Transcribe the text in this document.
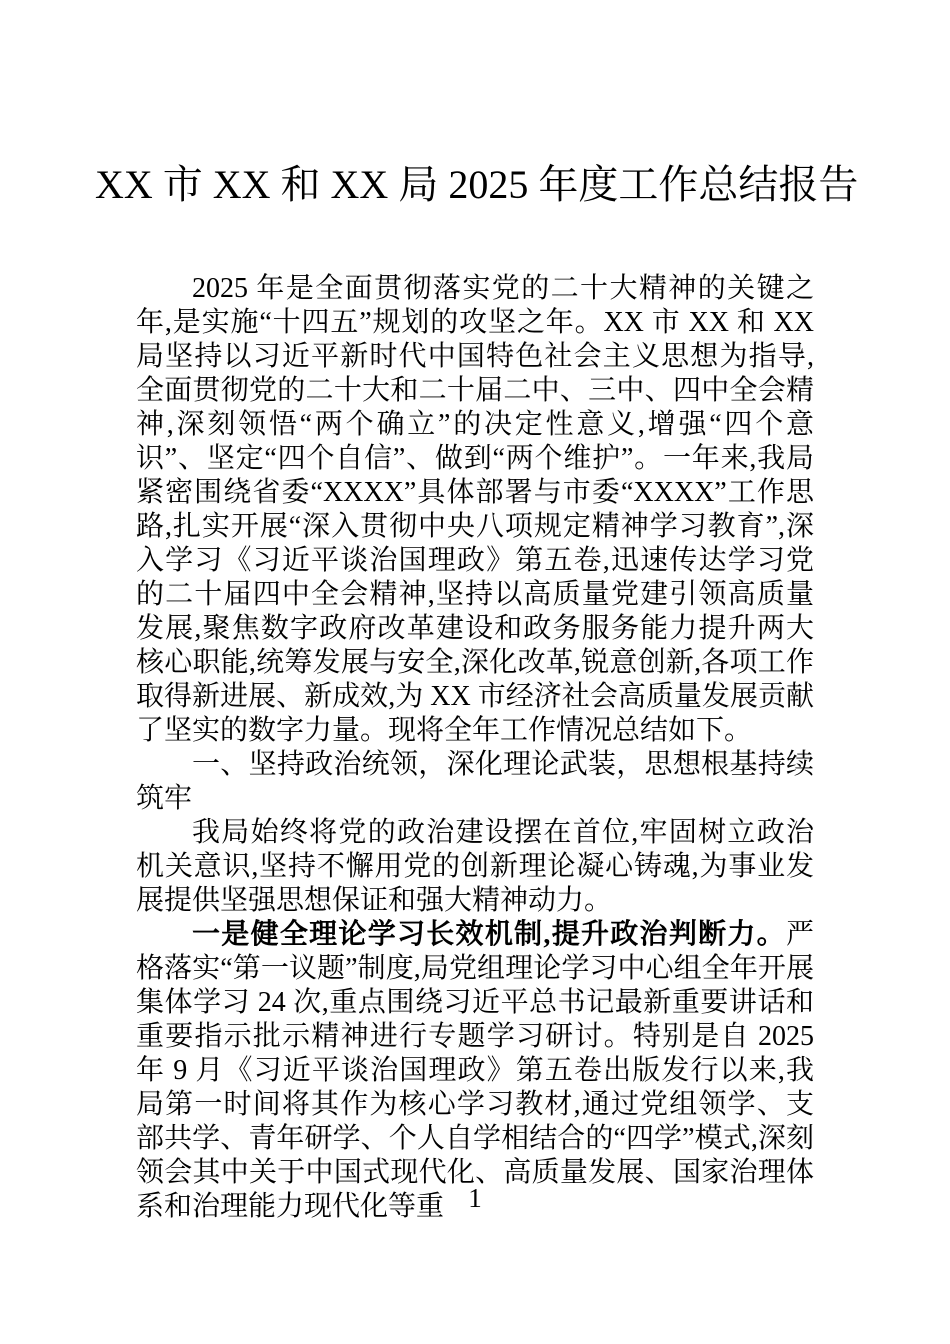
XX 市 XX 和 XX 局 2025 年度工作总结报告

2025 年是全面贯彻落实党的二十大精神的关键之年,是实施“十四五”规划的攻坚之年。XX 市 XX 和 XX 局坚持以习近平新时代中国特色社会主义思想为指导,全面贯彻党的二十大和二十届二中、三中、四中全会精神,深刻领悟“两个确立”的决定性意义,增强“四个意识”、坚定“四个自信”、做到“两个维护”。一年来,我局紧密围绕省委“XXXX”具体部署与市委“XXXX”工作思路,扎实开展“深入贯彻中央八项规定精神学习教育”,深入学习《习近平谈治国理政》第五卷,迅速传达学习党的二十届四中全会精神,坚持以高质量党建引领高质量发展,聚焦数字政府改革建设和政务服务能力提升两大核心职能,统筹发展与安全,深化改革,锐意创新,各项工作取得新进展、新成效,为 XX 市经济社会高质量发展贡献了坚实的数字力量。现将全年工作情况总结如下。

一、坚持政治统领，深化理论武装，思想根基持续筑牢

我局始终将党的政治建设摆在首位,牢固树立政治机关意识,坚持不懈用党的创新理论凝心铸魂,为事业发展提供坚强思想保证和强大精神动力。

一是健全理论学习长效机制,提升政治判断力。严格落实“第一议题”制度,局党组理论学习中心组全年开展集体学习 24 次,重点围绕习近平总书记最新重要讲话和重要指示批示精神进行专题学习研讨。特别是自 2025 年 9 月《习近平谈治国理政》第五卷出版发行以来,我局第一时间将其作为核心学习教材,通过党组领学、支部共学、青年研学、个人自学相结合的“四学”模式,深刻领会其中关于中国式现代化、高质量发展、国家治理体系和治理能力现代化等重 1
